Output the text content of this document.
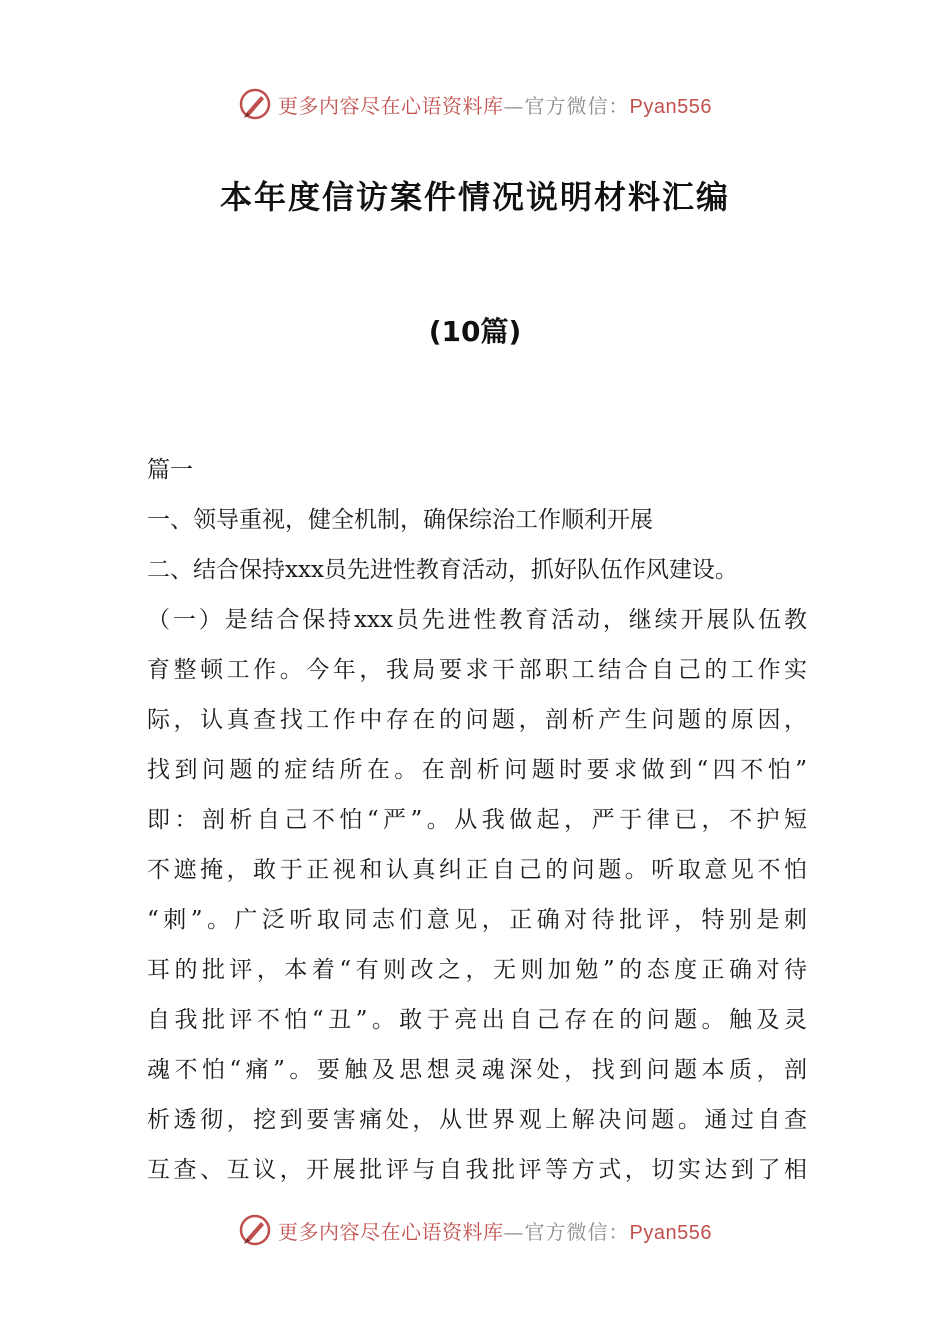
更多内容尽在心语资料库—官方微信：Pyan556
本年度信访案件情况说明材料汇编
(10篇)
篇一
一、领导重视，健全机制，确保综治工作顺利开展
二、结合保持xxx员先进性教育活动，抓好队伍作风建设。
（一）是结合保持xxx员先进性教育活动，继续开展队伍教
育整顿工作。今年，我局要求干部职工结合自己的工作实
际，认真查找工作中存在的问题，剖析产生问题的原因，
找到问题的症结所在。在剖析问题时要求做到“四不怕”
即：剖析自己不怕“严”。从我做起，严于律已，不护短
不遮掩，敢于正视和认真纠正自己的问题。听取意见不怕
“刺”。广泛听取同志们意见，正确对待批评，特别是刺
耳的批评，本着“有则改之，无则加勉”的态度正确对待
自我批评不怕“丑”。敢于亮出自己存在的问题。触及灵
魂不怕“痛”。要触及思想灵魂深处，找到问题本质，剖
析透彻，挖到要害痛处，从世界观上解决问题。通过自查
互查、互议，开展批评与自我批评等方式，切实达到了相
更多内容尽在心语资料库—官方微信：Pyan556
